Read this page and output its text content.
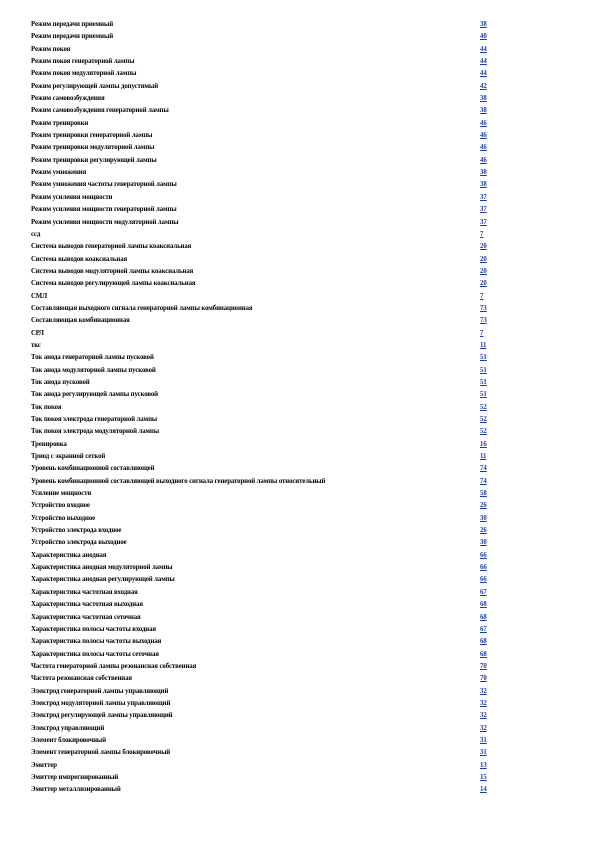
Режим передачи приемный	38
Режим передачи приемный	40
Режим покоя	44
Режим покоя генераторной лампы	44
Режим покоя модуляторной лампы	44
Режим регулирующей лампы допустимый	42
Режим самовозбуждения	38
Режим самовозбуждения генераторной лампы	38
Режим тренировки	46
Режим тренировки генераторной лампы	46
Режим тренировки модуляторной лампы	46
Режим тренировки регулирующей лампы	46
Режим умножения	38
Режим умножения частоты генераторной лампы	38
Режим усиления мощности	37
Режим усиления мощности генераторной лампы	37
Режим усиления мощности модуляторной лампы	37
ссд	7
Система выводов генераторной лампы коаксиальная	20
Система выводов коаксиальная	20
Система выводов модуляторной лампы коаксиальная	20
Система выводов регулирующей лампы коаксиальная	20
СМЛ	7
Составляющая выходного сигнала генераторной лампы комбинационная	73
Составляющая комбинационная	73
СРЛ	7
ткс	11
Ток анода генераторной лампы пусковой	51
Ток анода модуляторной лампы пусковой	51
Ток анода пусковой	51
Ток анода регулирующей лампы пусковой	51
Ток покоя	52
Ток покоя электрода генераторной лампы	52
Ток покоя электрода модуляторной лампы	52
Тренировка	16
Триод с экранной сеткой	11
Уровень комбинационной составляющей	74
Уровень комбинационной составляющей выходного сигнала генераторной лампы относительный	74
Усиление мощности	58
Устройство входное	26
Устройство выходное	30
Устройство электрода входное	26
Устройство электрода выходное	30
Характеристика анодная	66
Характеристика анодная модуляторной лампы	66
Характеристика анодная регулирующей лампы	66
Характеристика частотная входная	67
Характеристика частотная выходная	68
Характеристика частотная сеточная	68
Характеристика полосы частоты входная	67
Характеристика полосы частоты выходная	68
Характеристика полосы частоты сеточная	68
Частота генераторной лампы резонансная собственная	70
Частота резонансная собственная	70
Электрод генераторной лампы управляющий	32
Электрод модуляторной лампы управляющий	32
Электрод регулирующей лампы управляющий	32
Электрод управляющий	32
Элемент блокировочный	31
Элемент генераторной лампы блокировочный	31
Эмиттер	13
Эмиттер импрегнированный	15
Эмиттер металлизированный	14
